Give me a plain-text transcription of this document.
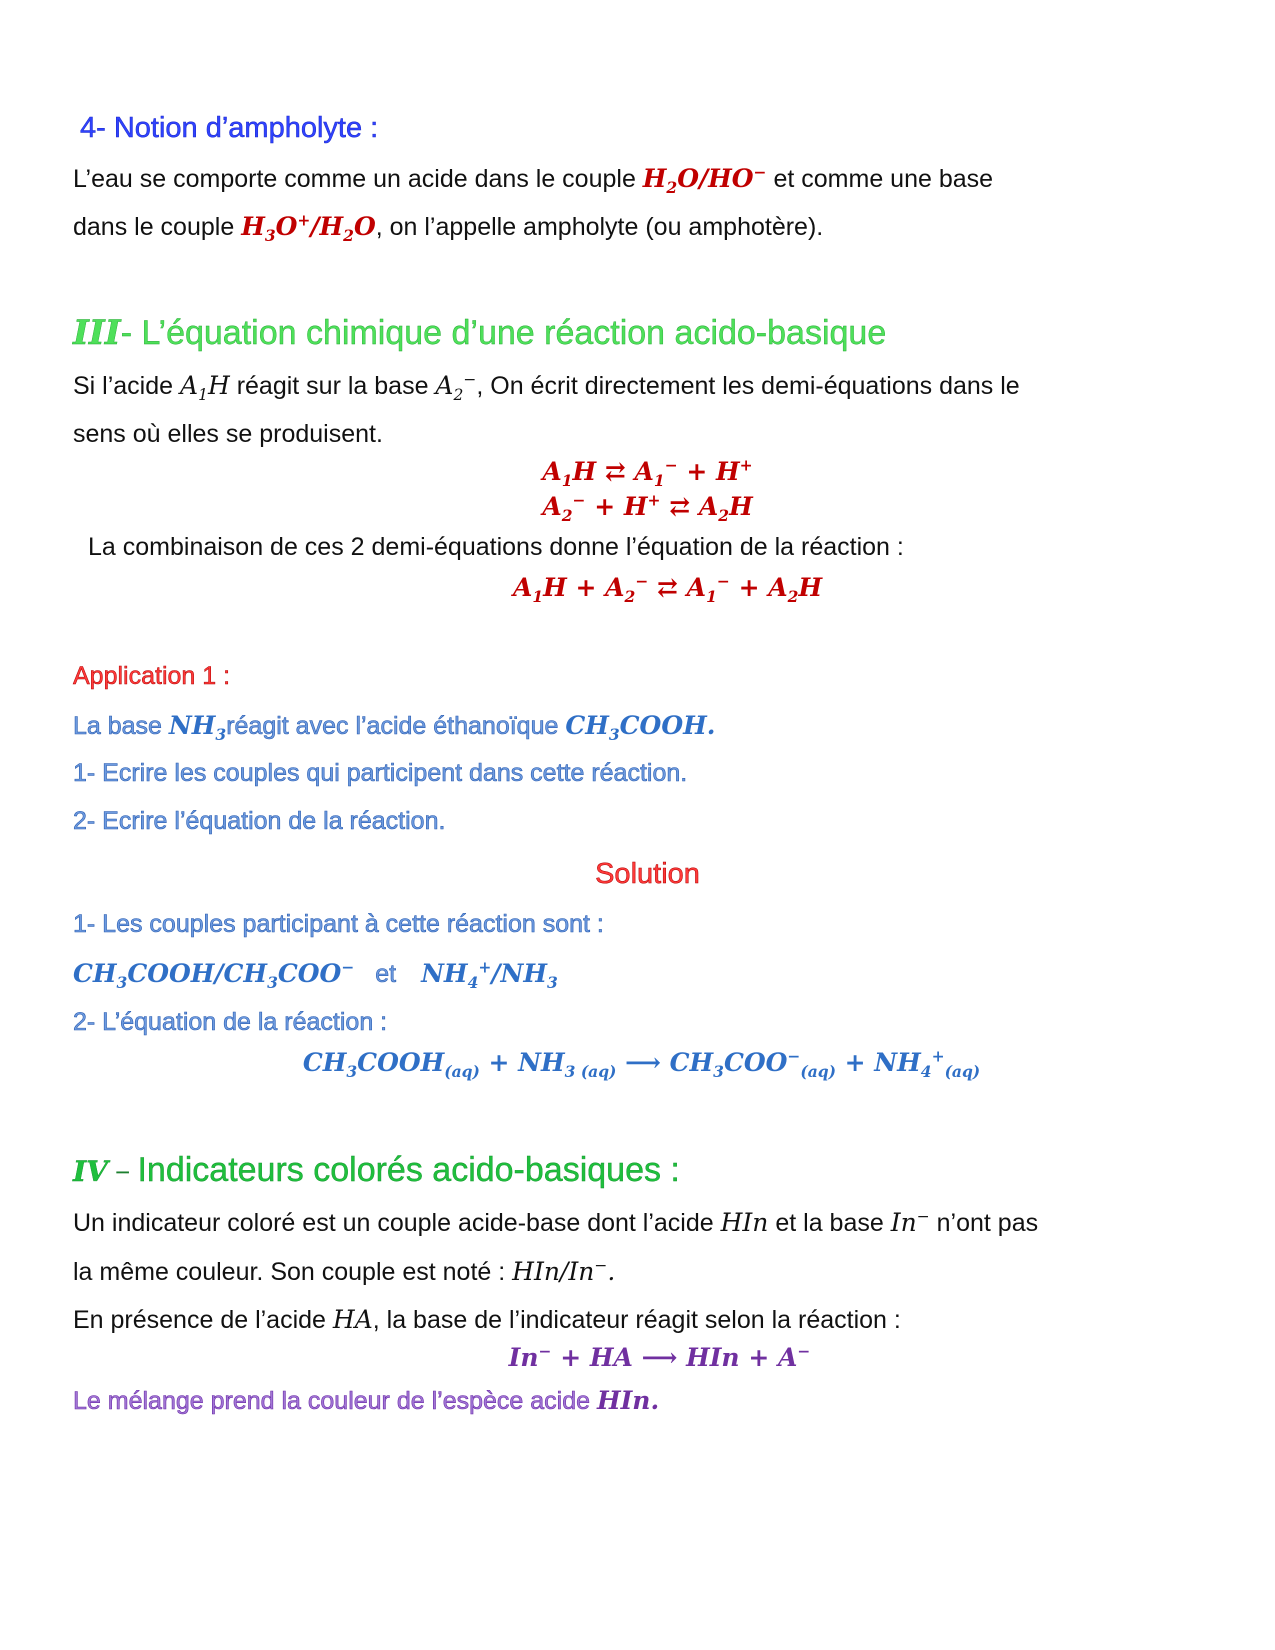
4- Notion d’ampholyte :
L’eau se comporte comme un acide dans le couple $H_2O/HO^-$ et comme une base
dans le couple $H_3O^+/H_2O$, on l’appelle ampholyte (ou amphotère).
III- L’équation chimique d’une réaction acido-basique
Si l’acide $A_1H$ réagit sur la base $A_2^-$, On écrit directement les demi-équations dans le
sens où elles se produisent.
$A_1H$ ⇄ $A_1^- + H^+$
$A_2^- + H^+$ ⇄ $A_2H$
La combinaison de ces 2 demi-équations donne l’équation de la réaction :
$A_1H + A_2^-$ ⇄ $A_1^- + A_2H$
Application 1 :
La base $NH_3réagit$ avec l’acide éthanoïque $CH_3COOH$.
1- Ecrire les couples qui participent dans cette réaction.
2- Ecrire l’équation de la réaction.
Solution
1- Les couples participant à cette réaction sont :
$CH_3COOH/CH_3COO^-$ et $NH_4^+/NH_3$
2- L’équation de la réaction :
$CH_3COOH_{(aq)} + NH_{3 (aq)}$ ⟶ $CH_3COO^-_{(aq)} + NH_4^+_{(aq)}$
IV − Indicateurs colorés acido-basiques :
Un indicateur coloré est un couple acide-base dont l’acide HIn et la base In− n’ont pas
la même couleur. Son couple est noté : HIn/In−.
En présence de l’acide HA, la base de l’indicateur réagit selon la réaction :
In− + HA ⟶ HIn + A−
Le mélange prend la couleur de l’espèce acide HIn.
